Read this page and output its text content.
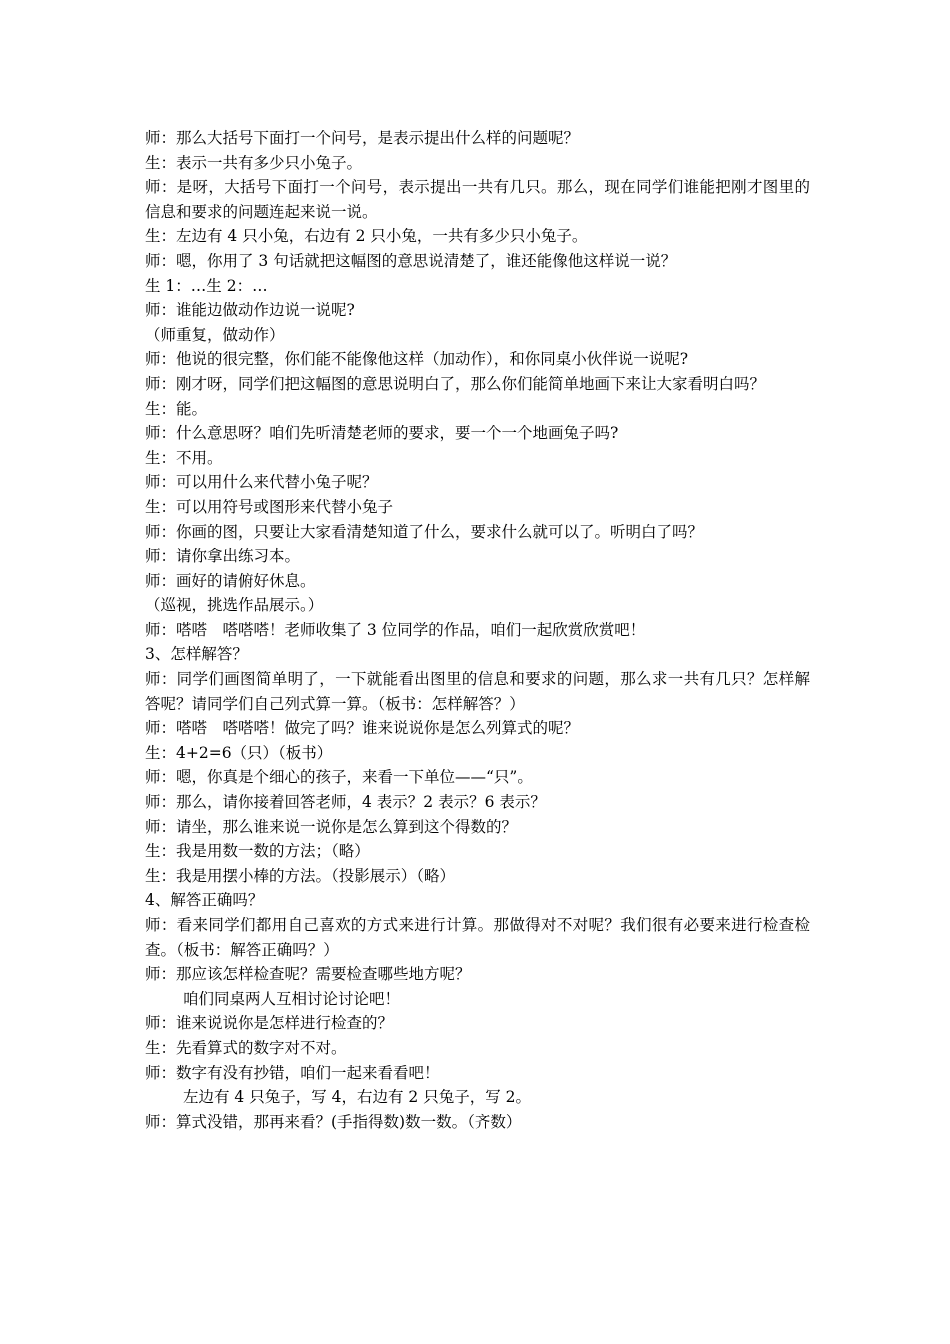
师：那么大括号下面打一个问号，是表示提出什么样的问题呢？

生：表示一共有多少只小兔子。

师：是呀，大括号下面打一个问号，表示提出一共有几只。那么，现在同学们谁能把刚才图里的信息和要求的问题连起来说一说。

生：左边有 4 只小兔，右边有 2 只小兔，一共有多少只小兔子。

师：嗯，你用了 3 句话就把这幅图的意思说清楚了，谁还能像他这样说一说？

生 1：…生 2：…

师：谁能边做动作边说一说呢?

（师重复，做动作）

师：他说的很完整，你们能不能像他这样（加动作），和你同桌小伙伴说一说呢?

师：刚才呀，同学们把这幅图的意思说明白了，那么你们能简单地画下来让大家看明白吗？

生：能。

师：什么意思呀？咱们先听清楚老师的要求，要一个一个地画兔子吗?

生：不用。

师：可以用什么来代替小兔子呢？

生：可以用符号或图形来代替小兔子

师：你画的图，只要让大家看清楚知道了什么，要求什么就可以了。听明白了吗？

师：请你拿出练习本。

师：画好的请俯好休息。

（巡视，挑选作品展示。）

师：嗒嗒　嗒嗒嗒！老师收集了 3 位同学的作品，咱们一起欣赏欣赏吧！

3、怎样解答？

师：同学们画图简单明了，一下就能看出图里的信息和要求的问题，那么求一共有几只？怎样解答呢？请同学们自己列式算一算。（板书：怎样解答？）

师：嗒嗒　嗒嗒嗒！做完了吗？谁来说说你是怎么列算式的呢？

生：4+2=6（只）（板书）

师：嗯，你真是个细心的孩子，来看一下单位——“只”。

师：那么，请你接着回答老师，4 表示？2 表示？6 表示？

师：请坐，那么谁来说一说你是怎么算到这个得数的？

生：我是用数一数的方法；（略）

生：我是用摆小棒的方法。（投影展示）（略）

4、解答正确吗？

师：看来同学们都用自己喜欢的方式来进行计算。那做得对不对呢？我们很有必要来进行检查检查。（板书：解答正确吗？）

师：那应该怎样检查呢？需要检查哪些地方呢？

咱们同桌两人互相讨论讨论吧！

师：谁来说说你是怎样进行检查的？

生：先看算式的数字对不对。

师：数字有没有抄错，咱们一起来看看吧！

左边有 4 只兔子，写 4，右边有 2 只兔子，写 2。

师：算式没错，那再来看？(手指得数)数一数。（齐数）
